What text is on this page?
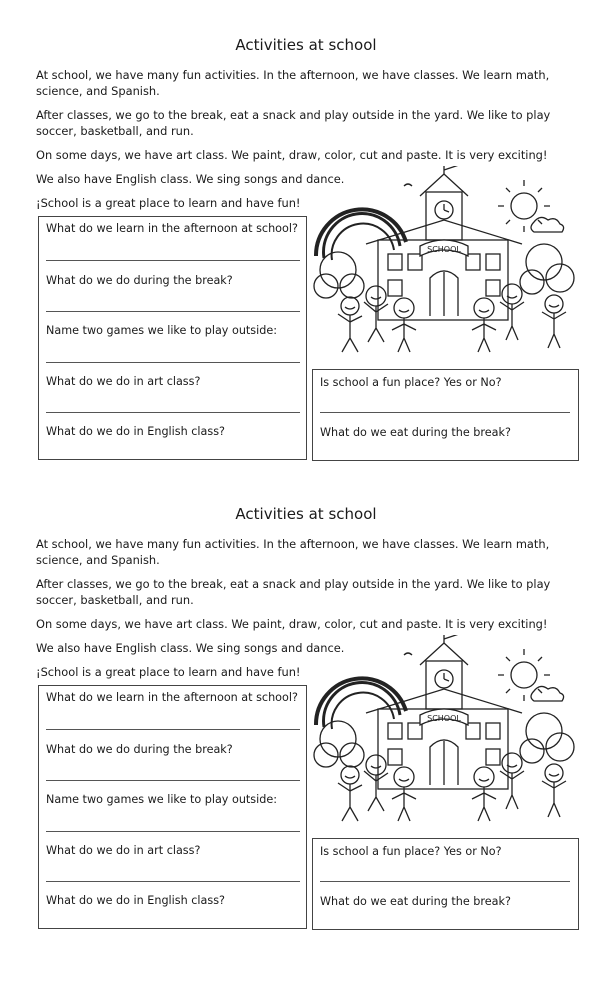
Activities at school
At school, we have many fun activities. In the afternoon, we have classes. We learn math, science, and Spanish.
After classes, we go to the break, eat a snack and play outside in the yard. We like to play soccer, basketball, and run.
On some days, we have art class. We paint, draw, color, cut and paste. It is very exciting!
We also have English class. We sing songs and dance.
¡School is a great place to learn and have fun!
What do we learn in the afternoon at school?
What do we do during the break?
Name two games we like to play outside:
What do we do in art class?
What do we do in English class?
Is school a fun place? Yes or No?
What do we eat during the break?
SCHOOL
Activities at school
At school, we have many fun activities. In the afternoon, we have classes. We learn math, science, and Spanish.
After classes, we go to the break, eat a snack and play outside in the yard. We like to play soccer, basketball, and run.
On some days, we have art class. We paint, draw, color, cut and paste. It is very exciting!
We also have English class. We sing songs and dance.
¡School is a great place to learn and have fun!
What do we learn in the afternoon at school?
What do we do during the break?
Name two games we like to play outside:
What do we do in art class?
What do we do in English class?
Is school a fun place? Yes or No?
What do we eat during the break?
SCHOOL
